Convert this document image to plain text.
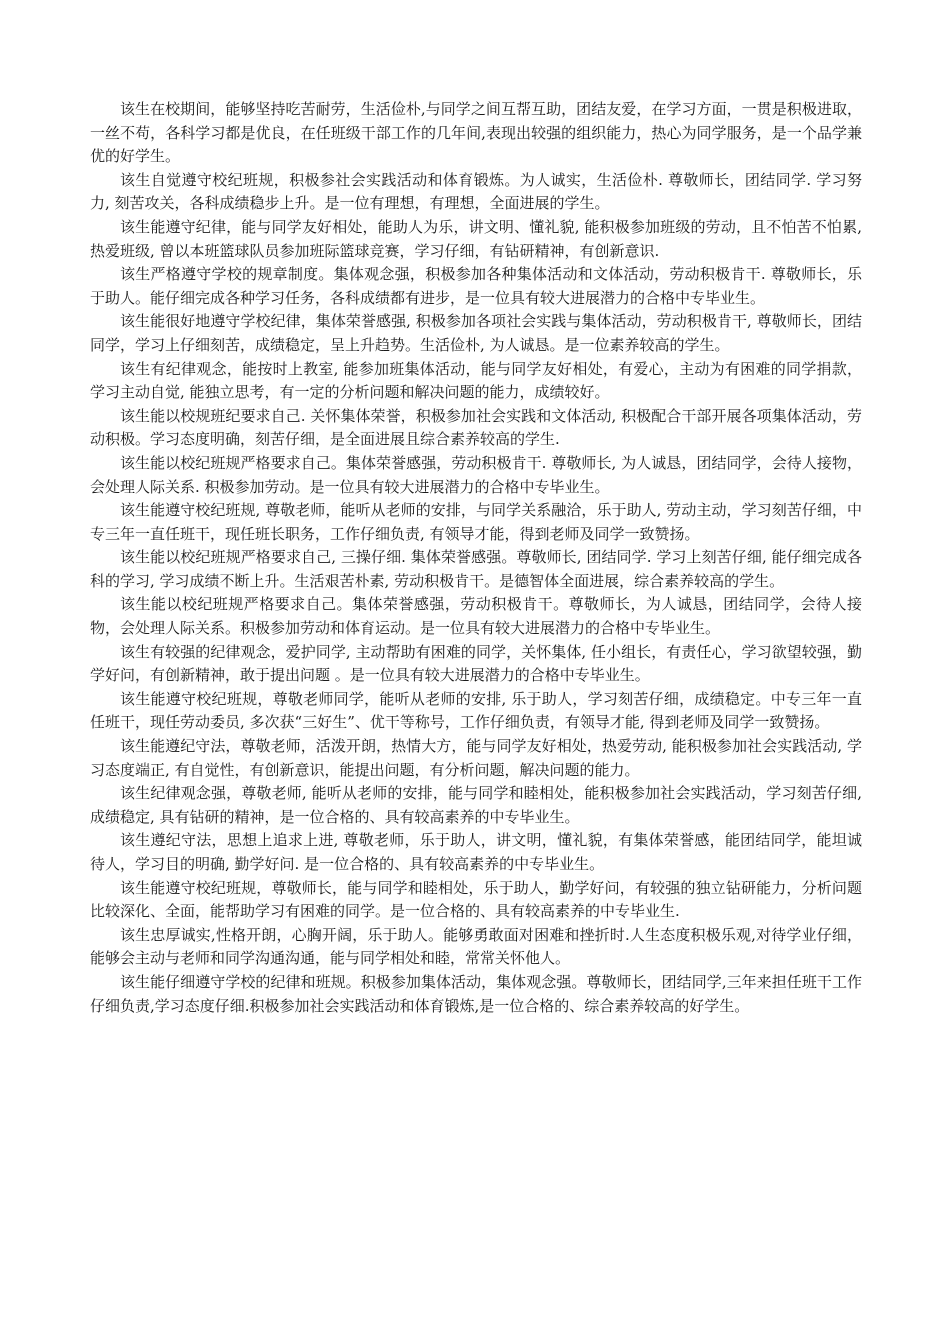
该生在校期间，能够坚持吃苦耐劳，生活俭朴,与同学之间互帮互助，团结友爱，在学习方面，一贯是积极进取，一丝不苟，各科学习都是优良，在任班级干部工作的几年间,表现出较强的组织能力，热心为同学服务，是一个品学兼优的好学生。

该生自觉遵守校纪班规，积极参社会实践活动和体育锻炼。为人诚实，生活俭朴. 尊敬师长，团结同学. 学习努力, 刻苦攻关，各科成绩稳步上升。是一位有理想，有理想，全面进展的学生。

该生能遵守纪律，能与同学友好相处，能助人为乐，讲文明、懂礼貌, 能积极参加班级的劳动，且不怕苦不怕累, 热爱班级, 曾以本班篮球队员参加班际篮球竞赛，学习仔细，有钻研精神，有创新意识.

该生严格遵守学校的规章制度。集体观念强，积极参加各种集体活动和文体活动，劳动积极肯干. 尊敬师长，乐于助人。能仔细完成各种学习任务，各科成绩都有进步，是一位具有较大进展潜力的合格中专毕业生。

该生能很好地遵守学校纪律，集体荣誉感强, 积极参加各项社会实践与集体活动，劳动积极肯干, 尊敬师长，团结同学，学习上仔细刻苦，成绩稳定，呈上升趋势。生活俭朴, 为人诚恳。是一位素养较高的学生。

该生有纪律观念，能按时上教室, 能参加班集体活动，能与同学友好相处，有爱心，主动为有困难的同学捐款，学习主动自觉, 能独立思考，有一定的分析问题和解决问题的能力，成绩较好。

该生能以校规班纪要求自己. 关怀集体荣誉，积极参加社会实践和文体活动, 积极配合干部开展各项集体活动，劳动积极。学习态度明确，刻苦仔细，是全面进展且综合素养较高的学生.

该生能以校纪班规严格要求自己。集体荣誉感强，劳动积极肯干. 尊敬师长, 为人诚恳，团结同学，会待人接物，会处理人际关系. 积极参加劳动。是一位具有较大进展潜力的合格中专毕业生。

该生能遵守校纪班规, 尊敬老师，能听从老师的安排，与同学关系融洽，乐于助人, 劳动主动，学习刻苦仔细，中专三年一直任班干，现任班长职务，工作仔细负责, 有领导才能，得到老师及同学一致赞扬。

该生能以校纪班规严格要求自己, 三操仔细. 集体荣誉感强。尊敬师长, 团结同学. 学习上刻苦仔细, 能仔细完成各科的学习, 学习成绩不断上升。生活艰苦朴素, 劳动积极肯干。是德智体全面进展，综合素养较高的学生。

该生能以校纪班规严格要求自己。集体荣誉感强，劳动积极肯干。尊敬师长，为人诚恳，团结同学，会待人接物，会处理人际关系。积极参加劳动和体育运动。是一位具有较大进展潜力的合格中专毕业生。

该生有较强的纪律观念，爱护同学, 主动帮助有困难的同学，关怀集体, 任小组长，有责任心，学习欲望较强，勤学好问，有创新精神，敢于提出问题 。是一位具有较大进展潜力的合格中专毕业生。

该生能遵守校纪班规，尊敬老师同学，能听从老师的安排, 乐于助人，学习刻苦仔细，成绩稳定。中专三年一直任班干，现任劳动委员, 多次获“三好生”、优干等称号，工作仔细负责，有领导才能, 得到老师及同学一致赞扬。

该生能遵纪守法，尊敬老师，活泼开朗，热情大方，能与同学友好相处，热爱劳动, 能积极参加社会实践活动, 学习态度端正, 有自觉性，有创新意识，能提出问题，有分析问题，解决问题的能力。

该生纪律观念强，尊敬老师, 能听从老师的安排，能与同学和睦相处，能积极参加社会实践活动，学习刻苦仔细, 成绩稳定, 具有钻研的精神，是一位合格的、具有较高素养的中专毕业生。

该生遵纪守法，思想上追求上进, 尊敬老师，乐于助人，讲文明，懂礼貌，有集体荣誉感，能团结同学，能坦诚待人，学习目的明确, 勤学好问. 是一位合格的、具有较高素养的中专毕业生。

该生能遵守校纪班规，尊敬师长，能与同学和睦相处，乐于助人，勤学好问，有较强的独立钻研能力，分析问题比较深化、全面，能帮助学习有困难的同学。是一位合格的、具有较高素养的中专毕业生.

该生忠厚诚实,性格开朗，心胸开阔，乐于助人。能够勇敢面对困难和挫折时.人生态度积极乐观,对待学业仔细，能够会主动与老师和同学沟通沟通，能与同学相处和睦，常常关怀他人。

该生能仔细遵守学校的纪律和班规。积极参加集体活动，集体观念强。尊敬师长，团结同学,三年来担任班干工作仔细负责,学习态度仔细.积极参加社会实践活动和体育锻炼,是一位合格的、综合素养较高的好学生。
